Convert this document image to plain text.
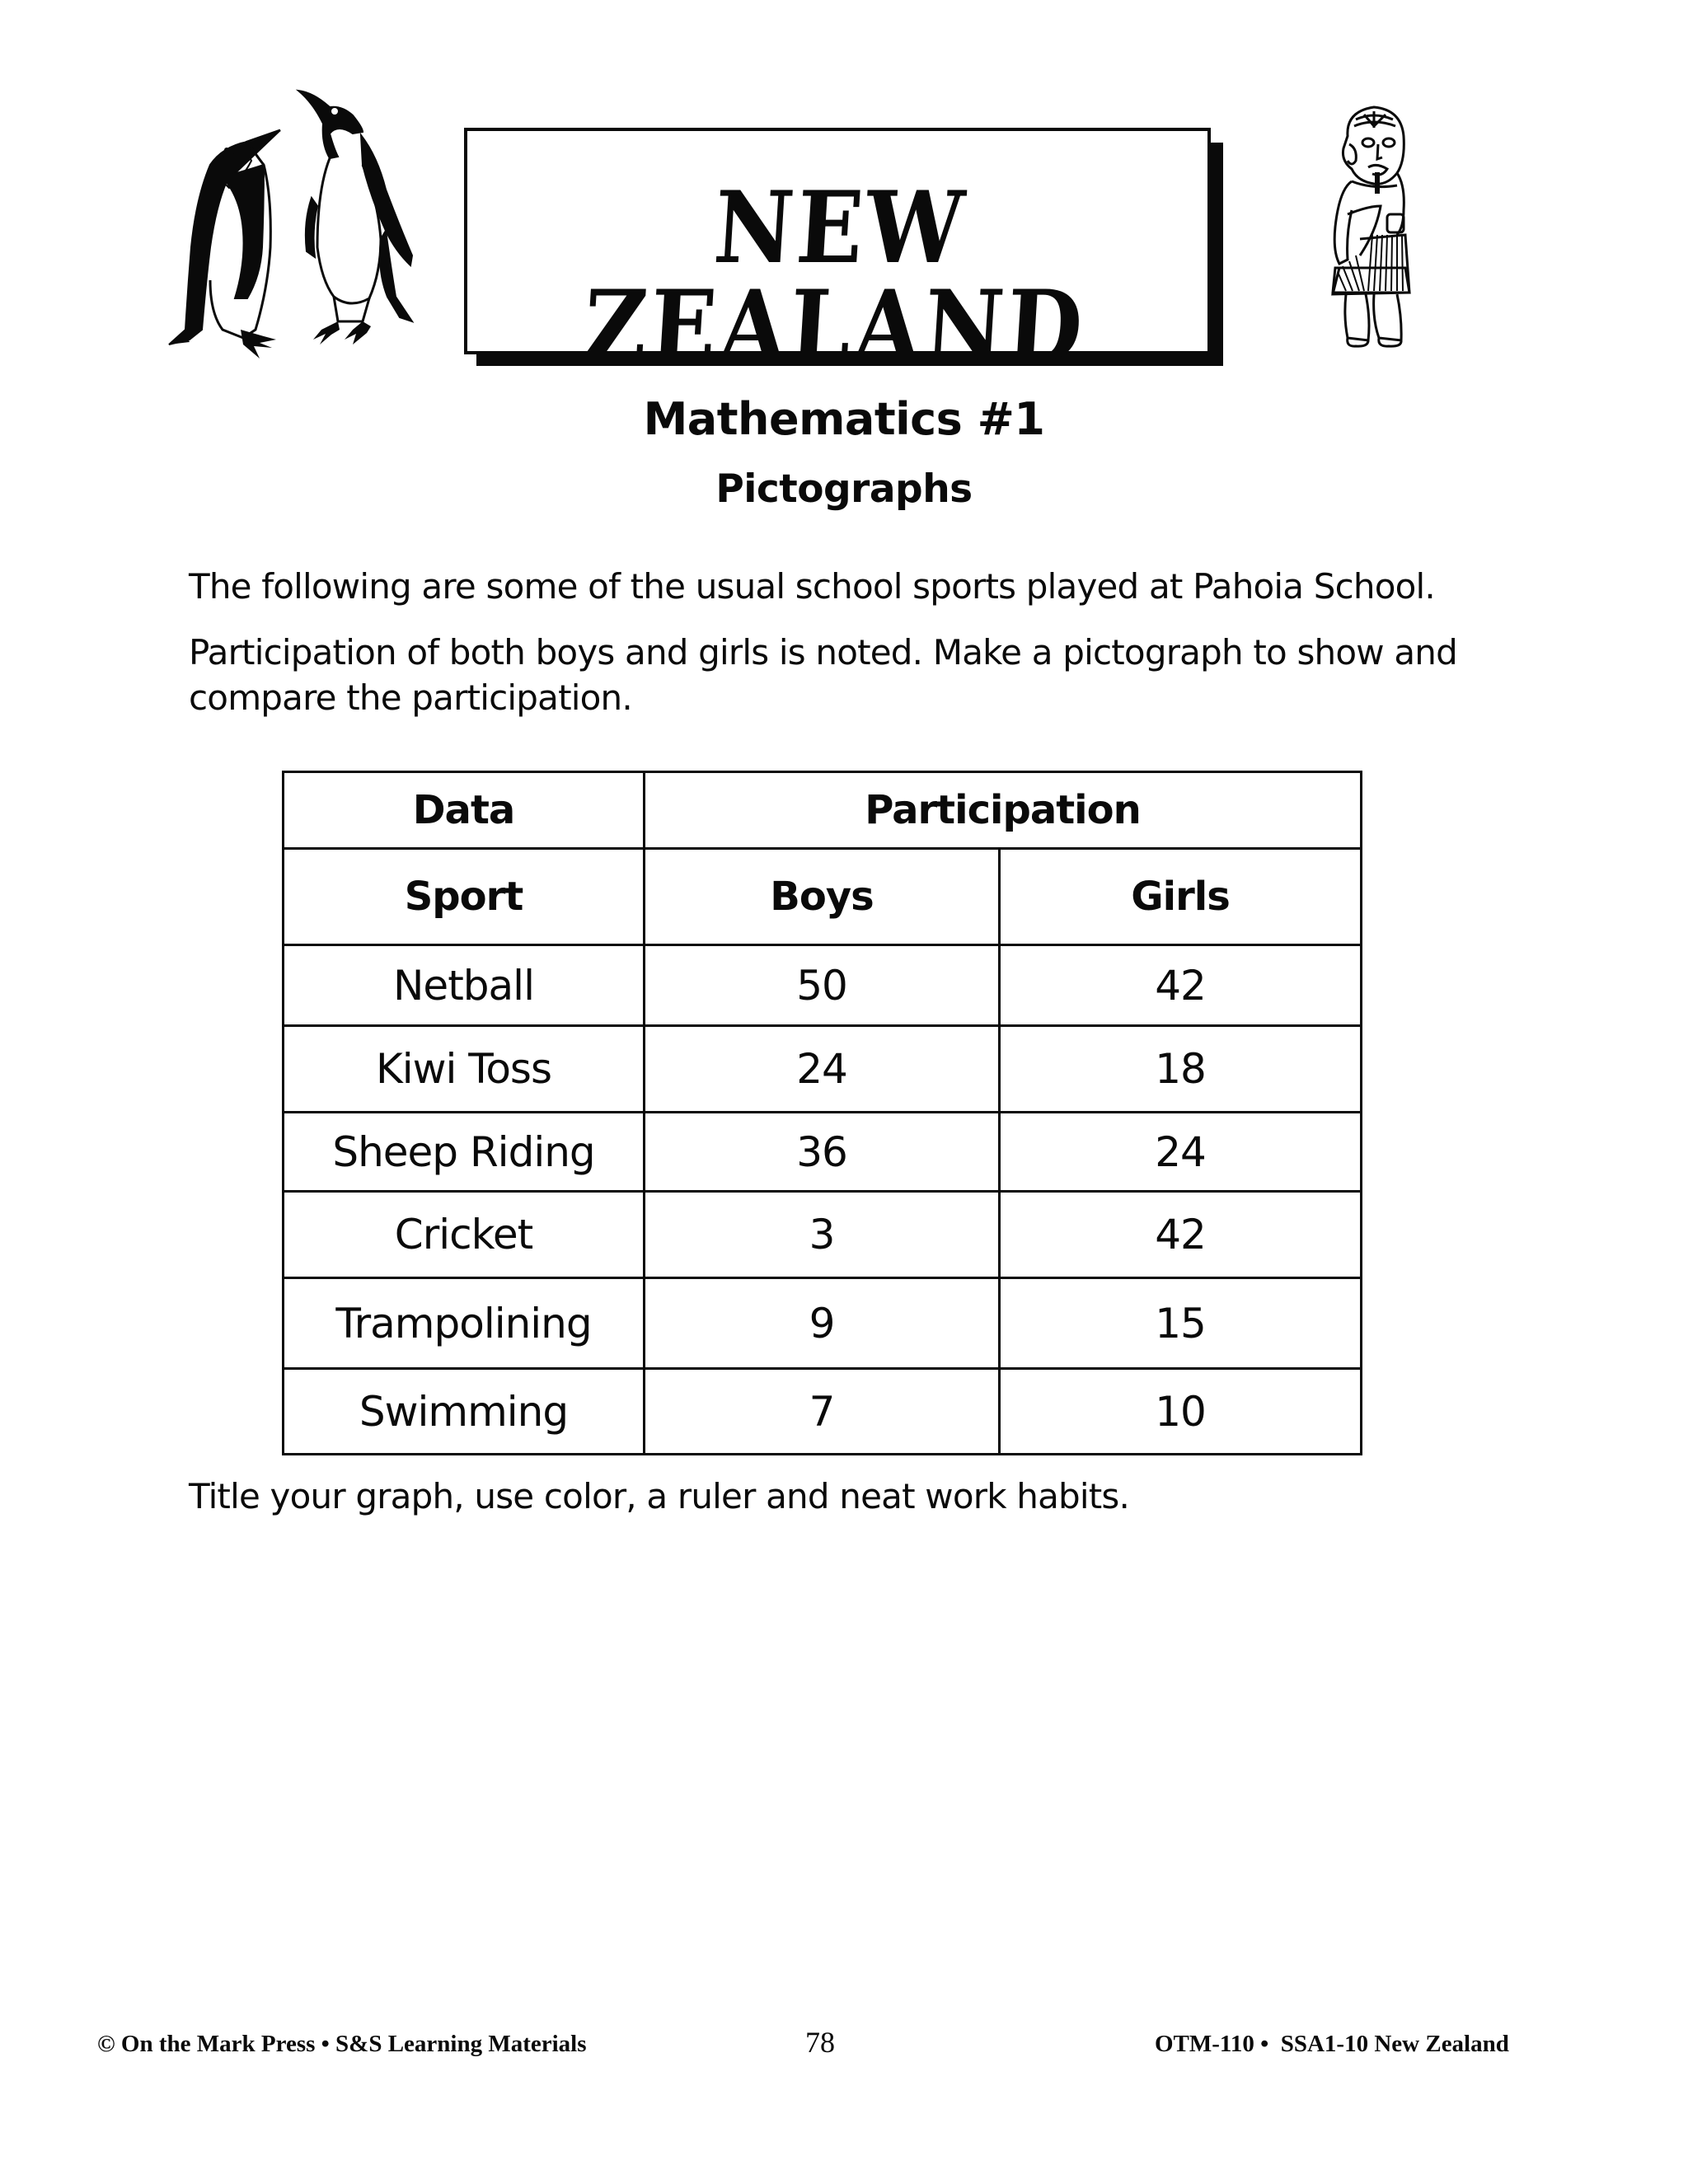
NEW ZEALAND
Mathematics #1
Pictographs
The following are some of the usual school sports played at Pahoia School.
Participation of both boys and girls is noted. Make a pictograph to show and compare the participation.
Data	Participation	
Sport	Boys	Girls
Netball	50	42
Kiwi Toss	24	18
Sheep Riding	36	24
Cricket	3	42
Trampolining	9	15
Swimming	7	10
Title your graph, use color, a ruler and neat work habits.
© On the Mark Press • S&S Learning Materials	78	OTM-110 •  SSA1-10 New Zealand
